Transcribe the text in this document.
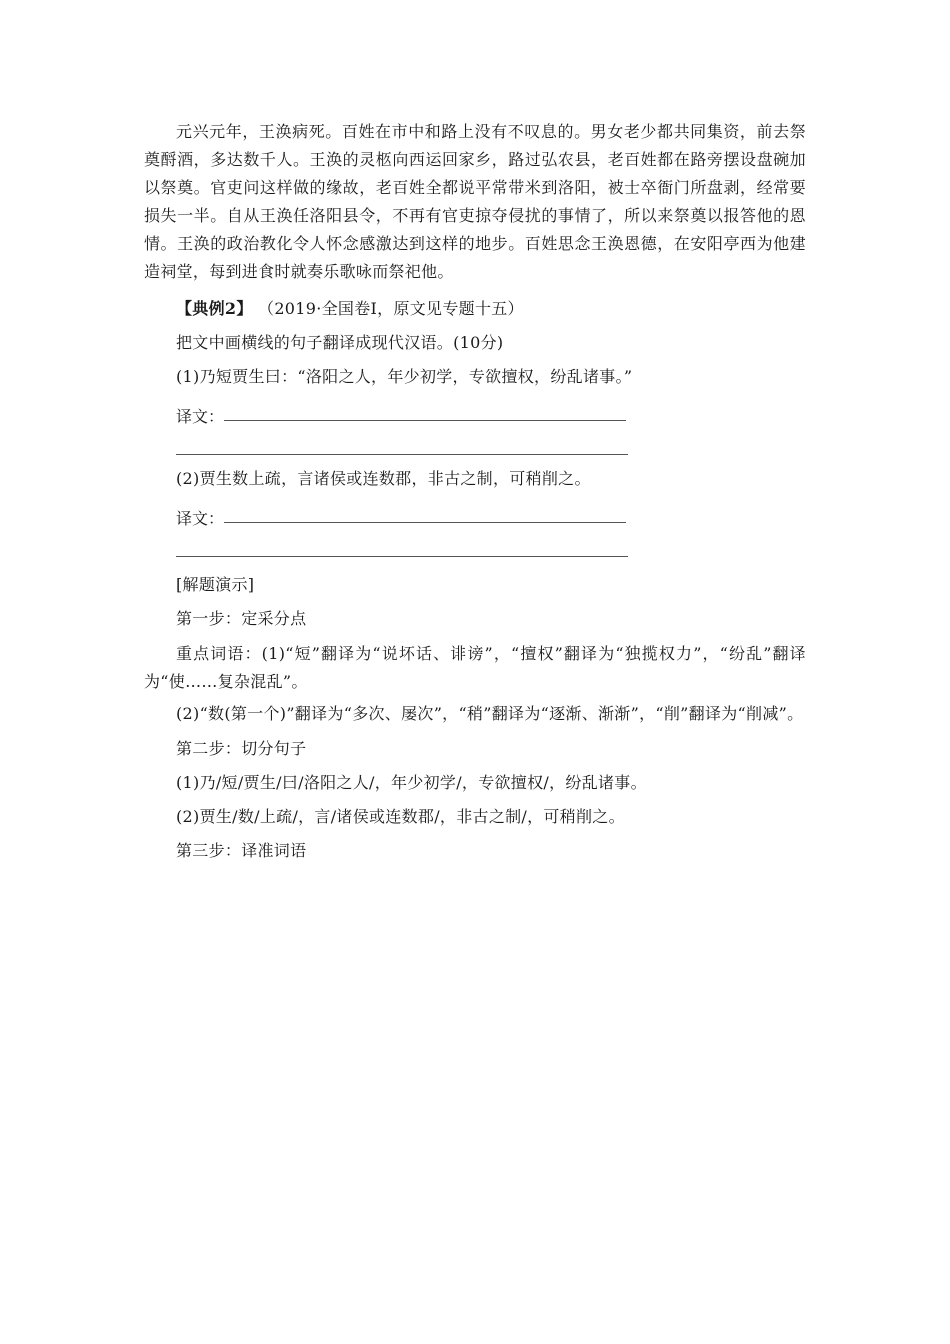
元兴元年，王涣病死。百姓在市中和路上没有不叹息的。男女老少都共同集资，前去祭奠酹酒，多达数千人。王涣的灵柩向西运回家乡，路过弘农县，老百姓都在路旁摆设盘碗加以祭奠。官吏问这样做的缘故，老百姓全都说平常带米到洛阳，被士卒衙门所盘剥，经常要损失一半。自从王涣任洛阳县令，不再有官吏掠夺侵扰的事情了，所以来祭奠以报答他的恩情。王涣的政治教化令人怀念感激达到这样的地步。百姓思念王涣恩德，在安阳亭西为他建造祠堂，每到进食时就奏乐歌咏而祭祀他。

【典例2】 （2019·全国卷Ⅰ，原文见专题十五）
把文中画横线的句子翻译成现代汉语。(10分)
(1)乃短贾生曰：“洛阳之人，年少初学，专欲擅权，纷乱诸事。”
译文：
(2)贾生数上疏，言诸侯或连数郡，非古之制，可稍削之。
译文：
[解题演示]
第一步：定采分点

重点词语：(1)“短”翻译为“说坏话、诽谤”，“擅权”翻译为“独揽权力”，“纷乱”翻译为“使……复杂混乱”。

(2)“数(第一个)”翻译为“多次、屡次”，“稍”翻译为“逐渐、渐渐”，“削”翻译为“削减”。

第二步：切分句子
(1)乃/短/贾生/曰/洛阳之人/，年少初学/，专欲擅权/，纷乱诸事。
(2)贾生/数/上疏/，言/诸侯或连数郡/，非古之制/，可稍削之。
第三步：译准词语
